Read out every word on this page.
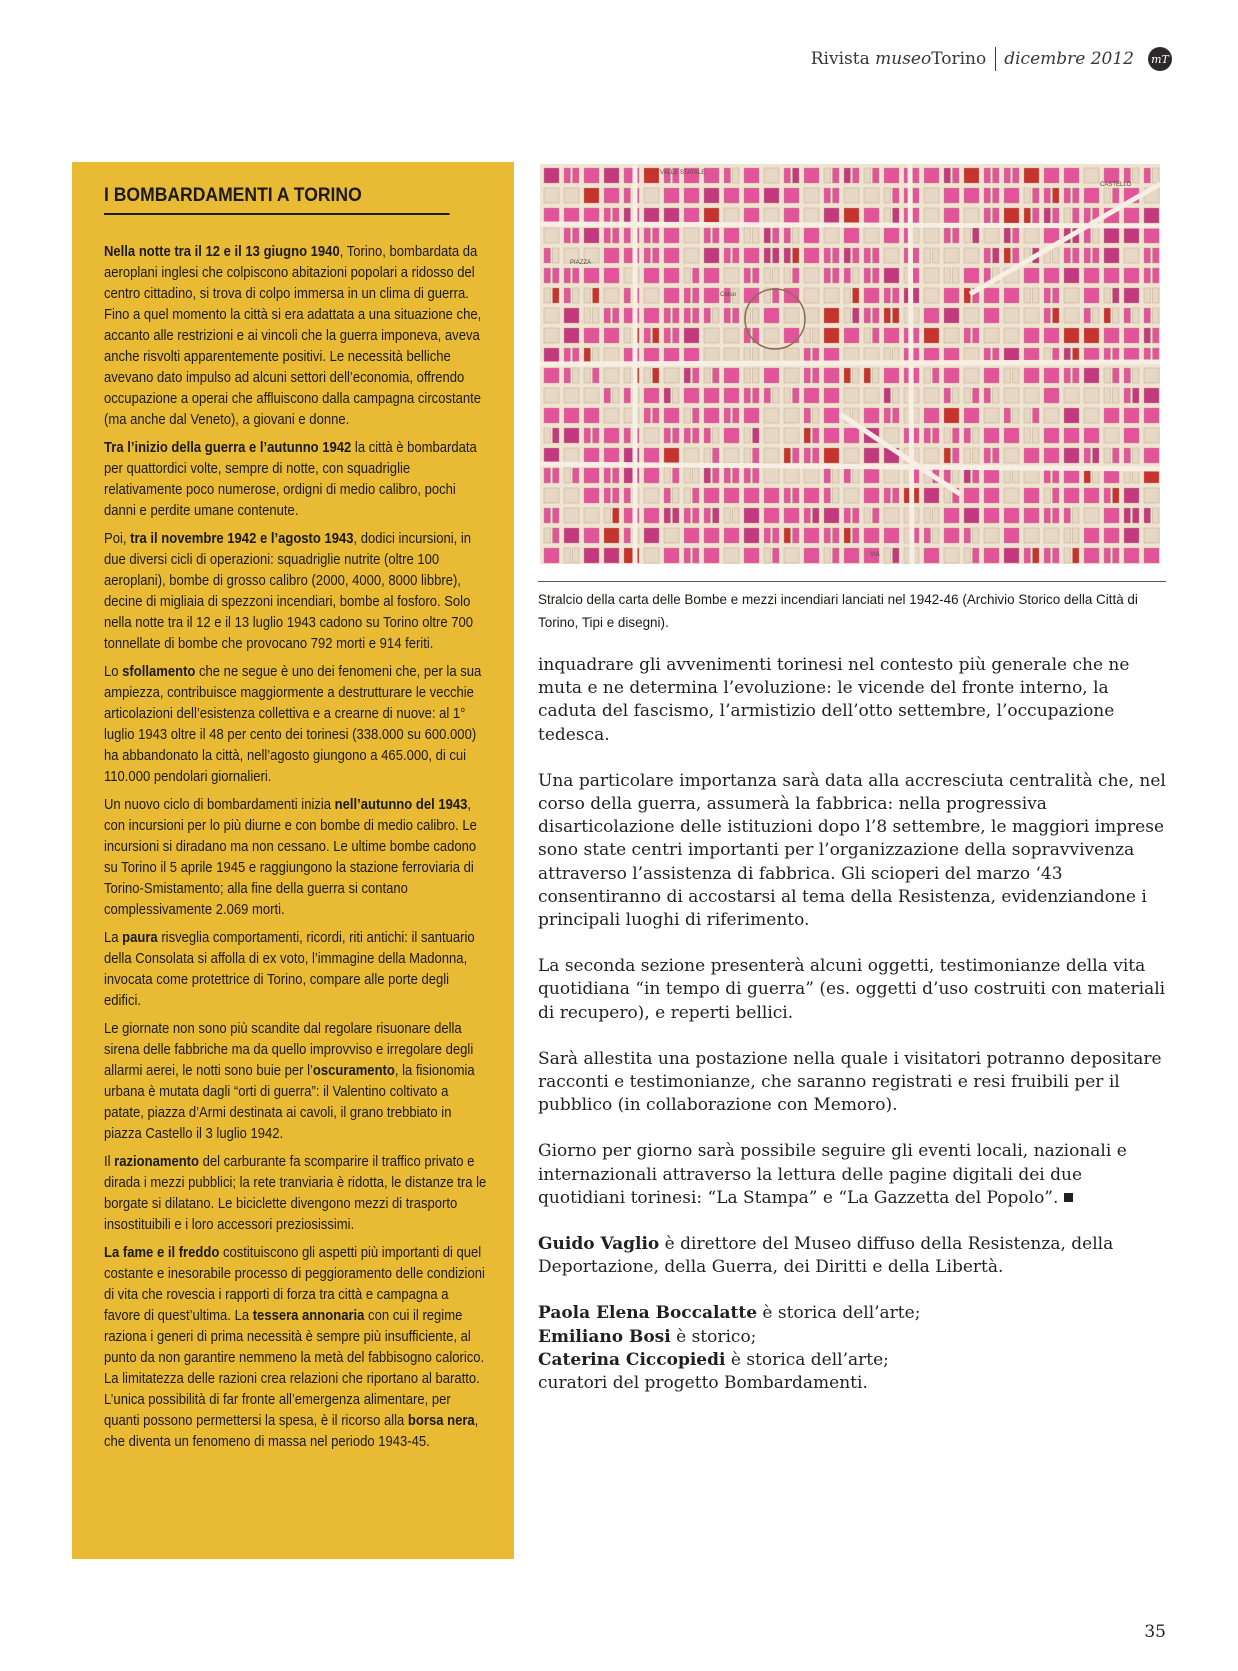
Rivista museoTorino dicembre 2012 mT
I BOMBARDAMENTI A TORINO

Nella notte tra il 12 e il 13 giugno 1940, Torino, bombardata da aeroplani inglesi che colpiscono abitazioni popolari a ridosso del centro cittadino, si trova di colpo immersa in un clima di guerra. Fino a quel momento la città si era adattata a una situazione che, accanto alle restrizioni e ai vincoli che la guerra imponeva, aveva anche risvolti apparentemente positivi. Le necessità belliche avevano dato impulso ad alcuni settori dell’economia, offrendo occupazione a operai che affluiscono dalla campagna circostante (ma anche dal Veneto), a giovani e donne.

Tra l’inizio della guerra e l’autunno 1942 la città è bombardata per quattordici volte, sempre di notte, con squadriglie relativamente poco numerose, ordigni di medio calibro, pochi danni e perdite umane contenute.

Poi, tra il novembre 1942 e l’agosto 1943, dodici incursioni, in due diversi cicli di operazioni: squadriglie nutrite (oltre 100 aeroplani), bombe di grosso calibro (2000, 4000, 8000 libbre), decine di migliaia di spezzoni incendiari, bombe al fosforo. Solo nella notte tra il 12 e il 13 luglio 1943 cadono su Torino oltre 700 tonnellate di bombe che provocano 792 morti e 914 feriti.

Lo sfollamento che ne segue è uno dei fenomeni che, per la sua ampiezza, contribuisce maggiormente a destrutturare le vecchie articolazioni dell’esistenza collettiva e a crearne di nuove: al 1° luglio 1943 oltre il 48 per cento dei torinesi (338.000 su 600.000) ha abbandonato la città, nell’agosto giungono a 465.000, di cui 110.000 pendolari giornalieri.

Un nuovo ciclo di bombardamenti inizia nell’autunno del 1943, con incursioni per lo più diurne e con bombe di medio calibro. Le incursioni si diradano ma non cessano. Le ultime bombe cadono su Torino il 5 aprile 1945 e raggiungono la stazione ferroviaria di Torino-Smistamento; alla fine della guerra si contano complessivamente 2.069 morti.

La paura risveglia comportamenti, ricordi, riti antichi: il santuario della Consolata si affolla di ex voto, l’immagine della Madonna, invocata come protettrice di Torino, compare alle porte degli edifici.

Le giornate non sono più scandite dal regolare risuonare della sirena delle fabbriche ma da quello improvviso e irregolare degli allarmi aerei, le notti sono buie per l’oscuramento, la fisionomia urbana è mutata dagli “orti di guerra”: il Valentino coltivato a patate, piazza d’Armi destinata ai cavoli, il grano trebbiato in piazza Castello il 3 luglio 1942.

Il razionamento del carburante fa scomparire il traffico privato e dirada i mezzi pubblici; la rete tranviaria è ridotta, le distanze tra le borgate si dilatano. Le biciclette divengono mezzi di trasporto insostituibili e i loro accessori preziosissimi.

La fame e il freddo costituiscono gli aspetti più importanti di quel costante e inesorabile processo di peggioramento delle condizioni di vita che rovescia i rapporti di forza tra città e campagna a favore di quest’ultima. La tessera annonaria con cui il regime raziona i generi di prima necessità è sempre più insufficiente, al punto da non garantire nemmeno la metà del fabbisogno calorico. La limitatezza delle razioni crea relazioni che riportano al baratto. L’unica possibilità di far fronte all’emergenza alimentare, per quanti possono permettersi la spesa, è il ricorso alla borsa nera, che diventa un fenomeno di massa nel periodo 1943-45.

VALLE STATALE
CASTELLO
PIAZZA
Corso
VIA
Stralcio della carta delle Bombe e mezzi incendiari lanciati nel 1942-46 (Archivio Storico della Città di Torino, Tipi e disegni).

inquadrare gli avvenimenti torinesi nel contesto più generale che ne muta e ne determina l’evoluzione: le vicende del fronte interno, la caduta del fascismo, l’armistizio dell’otto settembre, l’occupazione tedesca.

Una particolare importanza sarà data alla accresciuta centralità che, nel corso della guerra, assumerà la fabbrica: nella progressiva disarticolazione delle istituzioni dopo l’8 settembre, le maggiori imprese sono state centri importanti per l’organizzazione della sopravvivenza attraverso l’assistenza di fabbrica. Gli scioperi del marzo ‘43 consentiranno di accostarsi al tema della Resistenza, evidenziandone i principali luoghi di riferimento.

La seconda sezione presenterà alcuni oggetti, testimonianze della vita quotidiana “in tempo di guerra” (es. oggetti d’uso costruiti con materiali di recupero), e reperti bellici.

Sarà allestita una postazione nella quale i visitatori potranno depositare racconti e testimonianze, che saranno registrati e resi fruibili per il pubblico (in collaborazione con Memoro).

Giorno per giorno sarà possibile seguire gli eventi locali, nazionali e internazionali attraverso la lettura delle pagine digitali dei due quotidiani torinesi: “La Stampa” e “La Gazzetta del Popolo”.

Guido Vaglio è direttore del Museo diffuso della Resistenza, della Deportazione, della Guerra, dei Diritti e della Libertà.

Paola Elena Boccalatte è storica dell’arte;

Emiliano Bosi è storico;

Caterina Ciccopiedi è storica dell’arte;

curatori del progetto Bombardamenti.

35
